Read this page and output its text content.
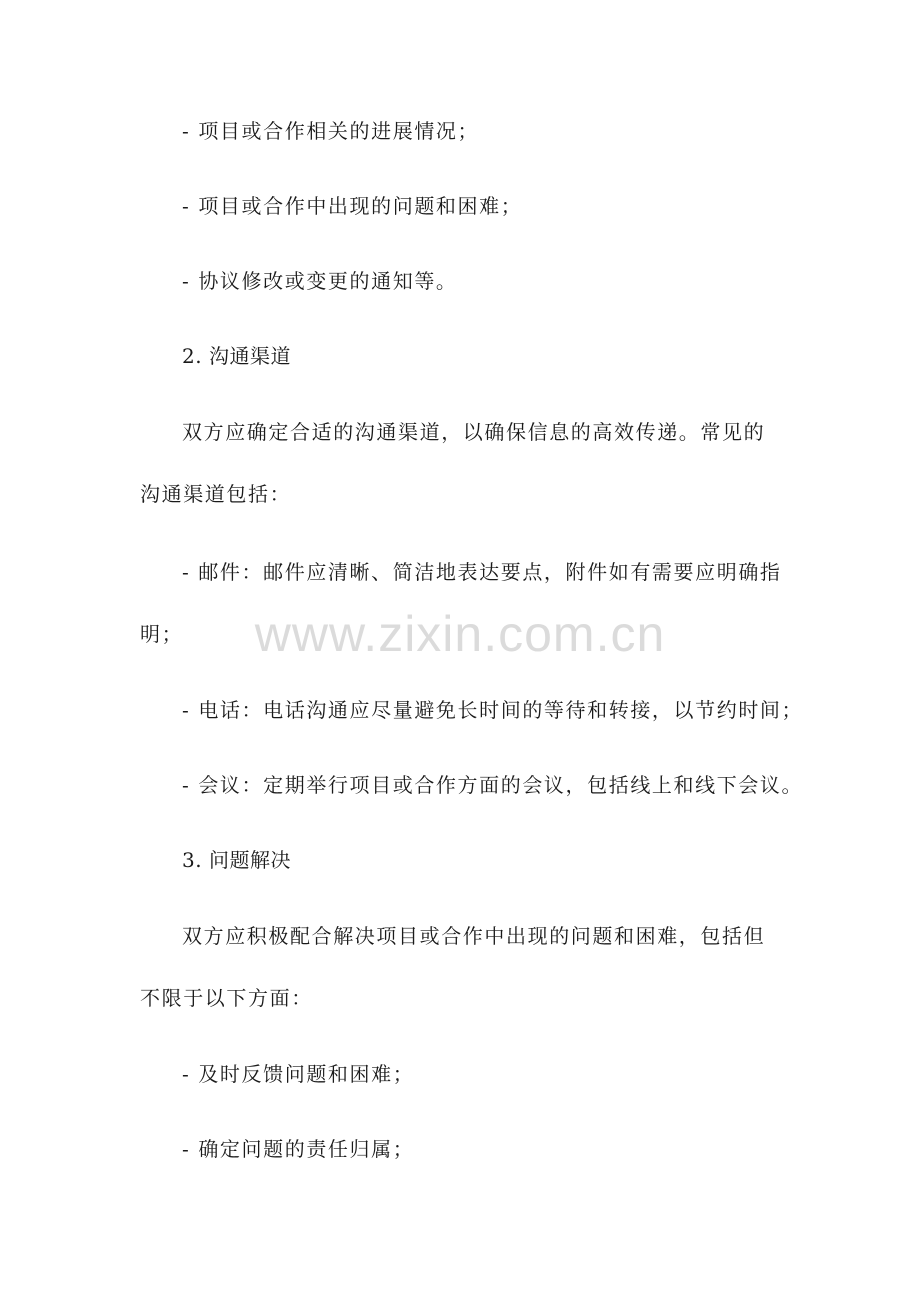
- 项目或合作相关的进展情况；
- 项目或合作中出现的问题和困难；
- 协议修改或变更的通知等。
2. 沟通渠道
双方应确定合适的沟通渠道，以确保信息的高效传递。常见的
沟通渠道包括：
- 邮件：邮件应清晰、简洁地表达要点，附件如有需要应明确指
明；
- 电话：电话沟通应尽量避免长时间的等待和转接，以节约时间；
- 会议：定期举行项目或合作方面的会议，包括线上和线下会议。
3. 问题解决
双方应积极配合解决项目或合作中出现的问题和困难，包括但
不限于以下方面：
- 及时反馈问题和困难；
- 确定问题的责任归属；
www.zixin.com.cn
